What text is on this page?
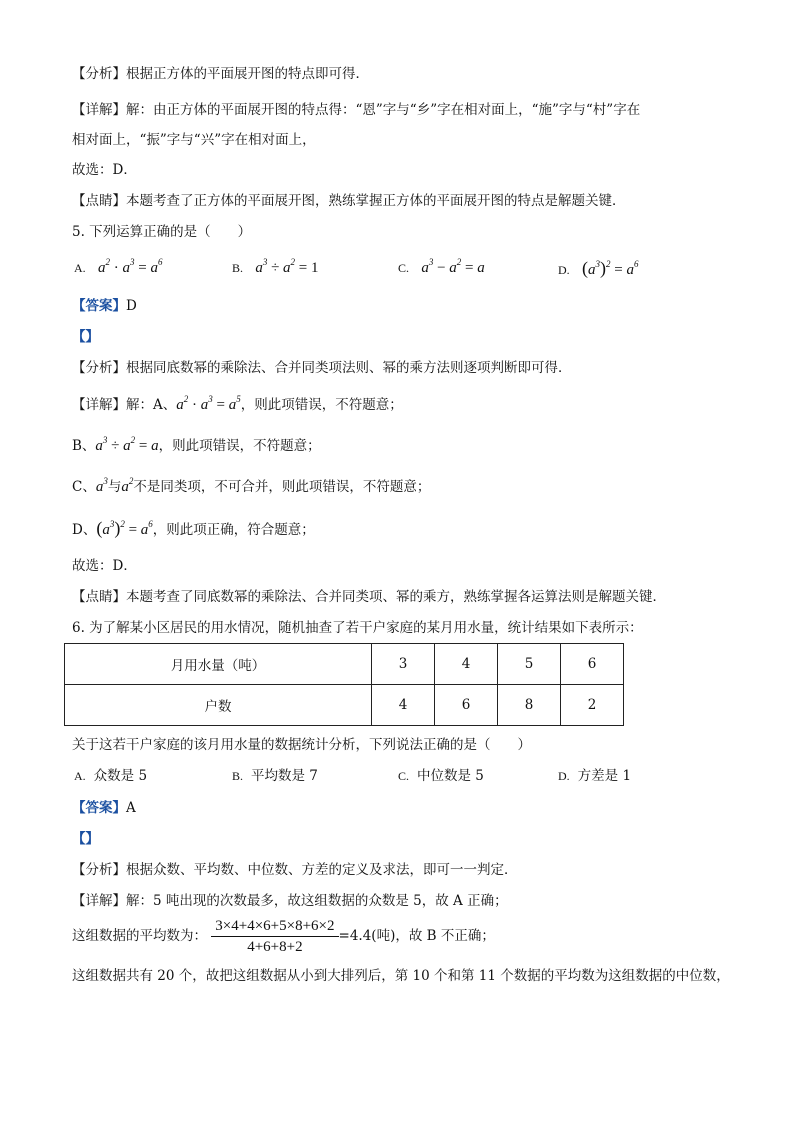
【分析】根据正方体的平面展开图的特点即可得．
【详解】解：由正方体的平面展开图的特点得：“恩”字与“乡”字在相对面上，“施”字与“村”字在
相对面上，“振”字与“兴”字在相对面上，
故选：D．
【点睛】本题考查了正方体的平面展开图，熟练掌握正方体的平面展开图的特点是解题关键．
5. 下列运算正确的是（　　）
A. $a^2 \cdot a^3 = a^6$	B. $a^3 \div a^2 = 1$	C. $a^3 - a^2 = a$	D. $(a^3)^2 = a^6$
【答案】D
【】
【分析】根据同底数幂的乘除法、合并同类项法则、幂的乘方法则逐项判断即可得．
【详解】解：A、$a^2 \cdot a^3 = a^5$，则此项错误，不符题意；
B、$a^3 \div a^2 = a$，则此项错误，不符题意；
C、$a^3$与$a^2$不是同类项，不可合并，则此项错误，不符题意；
D、$(a^3)^2 = a^6$，则此项正确，符合题意；
故选：D．
【点睛】本题考查了同底数幂的乘除法、合并同类项、幂的乘方，熟练掌握各运算法则是解题关键．
6. 为了解某小区居民的用水情况，随机抽查了若干户家庭的某月用水量，统计结果如下表所示：
月用水量（吨）	3	4	5	6
户数	4	6	8	2
关于这若干户家庭的该月用水量的数据统计分析，下列说法正确的是（　　）
A. 众数是 5	B. 平均数是 7	C. 中位数是 5	D. 方差是 1
【答案】A
【】
【分析】根据众数、平均数、中位数、方差的定义及求法，即可一一判定．
【详解】解：5 吨出现的次数最多，故这组数据的众数是 5，故 A 正确；
这组数据的平均数为： $\frac{3\times 4+4\times 6+5\times 8+6\times 2}{4+6+8+2} =4.4$(吨)，故 B 不正确；
这组数据共有 20 个，故把这组数据从小到大排列后，第 10 个和第 11 个数据的平均数为这组数据的中位数，
